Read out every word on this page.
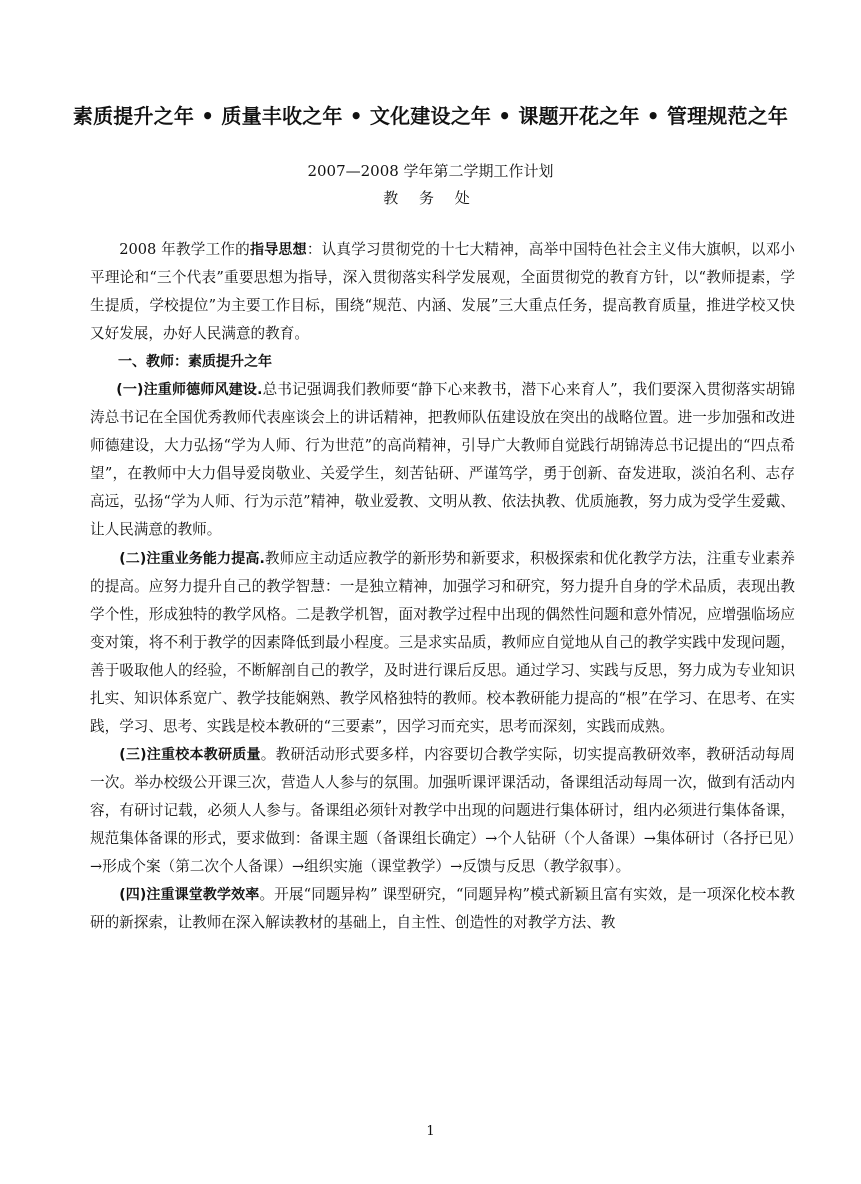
素质提升之年 • 质量丰收之年 • 文化建设之年 • 课题开花之年 • 管理规范之年
2007—2008 学年第二学期工作计划
教 务 处

2008 年教学工作的指导思想：认真学习贯彻党的十七大精神，高举中国特色社会主义伟大旗帜，以邓小平理论和“三个代表”重要思想为指导，深入贯彻落实科学发展观，全面贯彻党的教育方针，以“教师提素，学生提质，学校提位”为主要工作目标，围绕“规范、内涵、发展”三大重点任务，提高教育质量，推进学校又快又好发展，办好人民满意的教育。

一、教师：素质提升之年

(一)注重师德师风建设.总书记强调我们教师要“静下心来教书，潜下心来育人”，我们要深入贯彻落实胡锦涛总书记在全国优秀教师代表座谈会上的讲话精神，把教师队伍建设放在突出的战略位置。进一步加强和改进师德建设，大力弘扬“学为人师、行为世范”的高尚精神，引导广大教师自觉践行胡锦涛总书记提出的“四点希望”，在教师中大力倡导爱岗敬业、关爱学生，刻苦钻研、严谨笃学，勇于创新、奋发进取，淡泊名利、志存高远，弘扬“学为人师、行为示范”精神，敬业爱教、文明从教、依法执教、优质施教，努力成为受学生爱戴、让人民满意的教师。

(二)注重业务能力提高.教师应主动适应教学的新形势和新要求，积极探索和优化教学方法，注重专业素养的提高。应努力提升自己的教学智慧：一是独立精神，加强学习和研究，努力提升自身的学术品质，表现出教学个性，形成独特的教学风格。二是教学机智，面对教学过程中出现的偶然性问题和意外情况，应增强临场应变对策，将不利于教学的因素降低到最小程度。三是求实品质，教师应自觉地从自己的教学实践中发现问题，善于吸取他人的经验，不断解剖自己的教学，及时进行课后反思。通过学习、实践与反思，努力成为专业知识扎实、知识体系宽广、教学技能娴熟、教学风格独特的教师。校本教研能力提高的“根”在学习、在思考、在实践，学习、思考、实践是校本教研的“三要素”，因学习而充实，思考而深刻，实践而成熟。

(三)注重校本教研质量。教研活动形式要多样，内容要切合教学实际，切实提高教研效率，教研活动每周一次。举办校级公开课三次，营造人人参与的氛围。加强听课评课活动，备课组活动每周一次，做到有活动内容，有研讨记载，必须人人参与。备课组必须针对教学中出现的问题进行集体研讨，组内必须进行集体备课，规范集体备课的形式，要求做到：备课主题（备课组长确定）→个人钻研（个人备课）→集体研讨（各抒已见）→形成个案（第二次个人备课）→组织实施（课堂教学）→反馈与反思（教学叙事）。

(四)注重课堂教学效率。开展“同题异构” 课型研究，“同题异构”模式新颖且富有实效，是一项深化校本教研的新探索，让教师在深入解读教材的基础上，自主性、创造性的对教学方法、教

1
